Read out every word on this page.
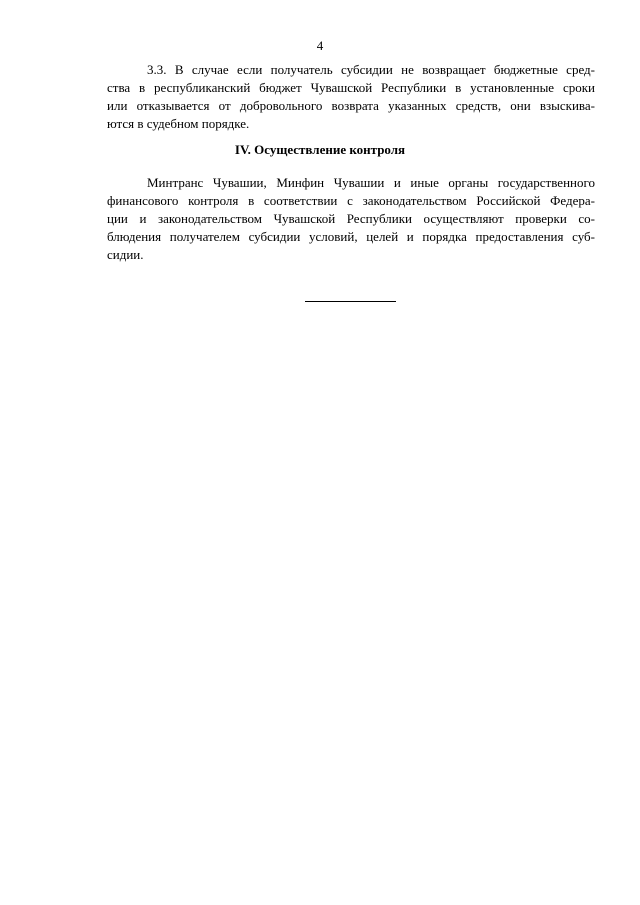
4

3.3. В случае если получатель субсидии не возвращает бюджетные сред-
ства в республиканский бюджет Чувашской Республики в установленные сроки
или отказывается от добровольного возврата указанных средств, они взыскива-
ются в судебном порядке.

IV. Осуществление контроля

Минтранс Чувашии, Минфин Чувашии и иные органы государственного
финансового контроля в соответствии с законодательством Российской Федера-
ции и законодательством Чувашской Республики осуществляют проверки со-
блюдения получателем субсидии условий, целей и порядка предоставления суб-
сидии.
